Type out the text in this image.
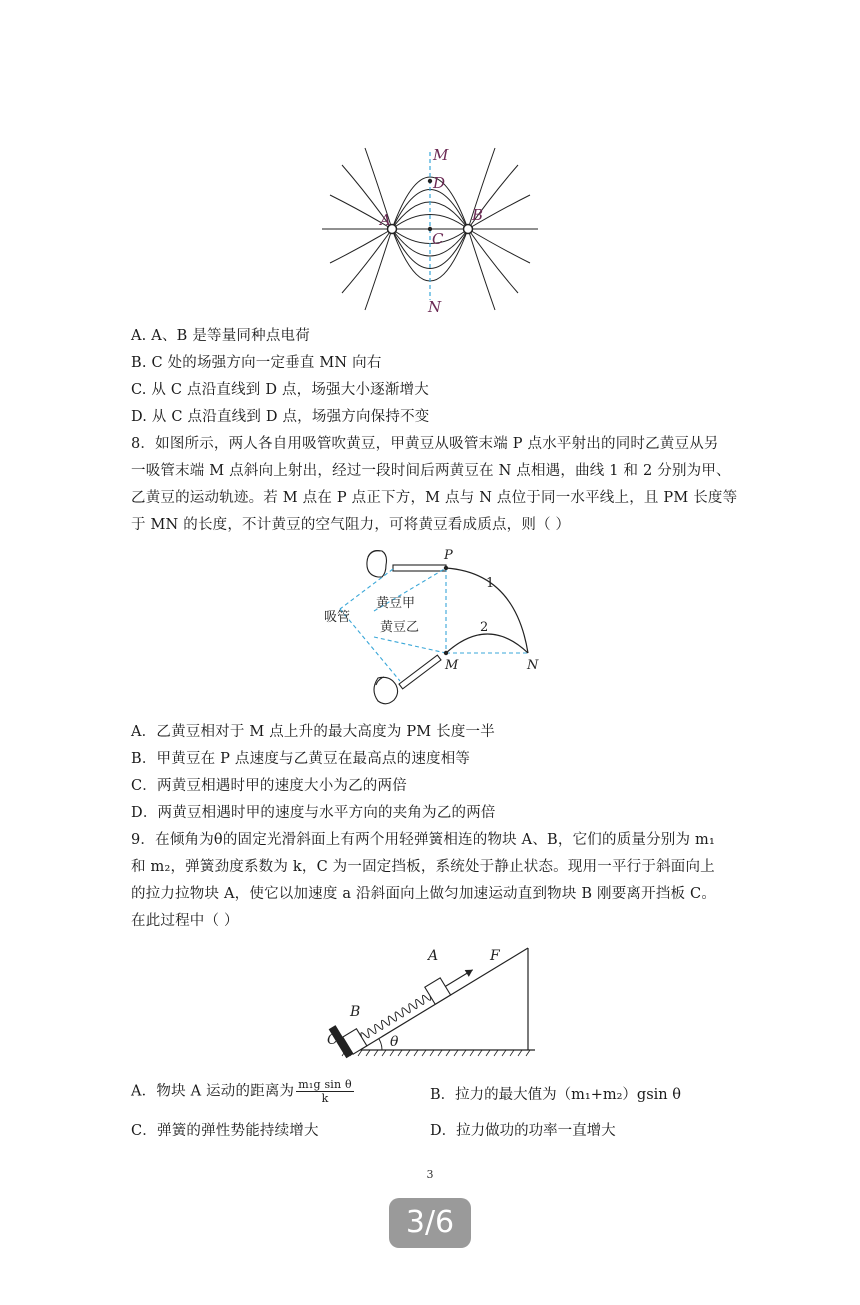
M
D
A	B
C
N
A. A、B 是等量同种点电荷
B. C 处的场强方向一定垂直 MN 向右
C. 从 C 点沿直线到 D 点，场强大小逐渐增大
D. 从 C 点沿直线到 D 点，场强方向保持不变
8．如图所示，两人各自用吸管吹黄豆，甲黄豆从吸管末端 P 点水平射出的同时乙黄豆从另
一吸管末端 M 点斜向上射出，经过一段时间后两黄豆在 N 点相遇，曲线 1 和 2 分别为甲、
乙黄豆的运动轨迹。若 M 点在 P 点正下方，M 点与 N 点位于同一水平线上，且 PM 长度等
于 MN 的长度，不计黄豆的空气阻力，可将黄豆看成质点，则（ ）
P
M	N
1
2
吸管
黄豆甲
黄豆乙
A．乙黄豆相对于 M 点上升的最大高度为 PM 长度一半
B．甲黄豆在 P 点速度与乙黄豆在最高点的速度相等
C．两黄豆相遇时甲的速度大小为乙的两倍
D．两黄豆相遇时甲的速度与水平方向的夹角为乙的两倍
9．在倾角为θ的固定光滑斜面上有两个用轻弹簧相连的物块 A、B，它们的质量分别为 m₁
和 m₂，弹簧劲度系数为 k，C 为一固定挡板，系统处于静止状态。现用一平行于斜面向上
的拉力拉物块 A，使它以加速度 a 沿斜面向上做匀加速运动直到物块 B 刚要离开挡板 C。
在此过程中（ ）
C
B
A	F
θ
A．物块 A 运动的距离为 $\frac{\text{m₁g sin θ}}{k}$	B．拉力的最大值为（m₁+m₂）gsin θ
C．弹簧的弹性势能持续增大	D．拉力做功的功率一直增大
3
3/6
